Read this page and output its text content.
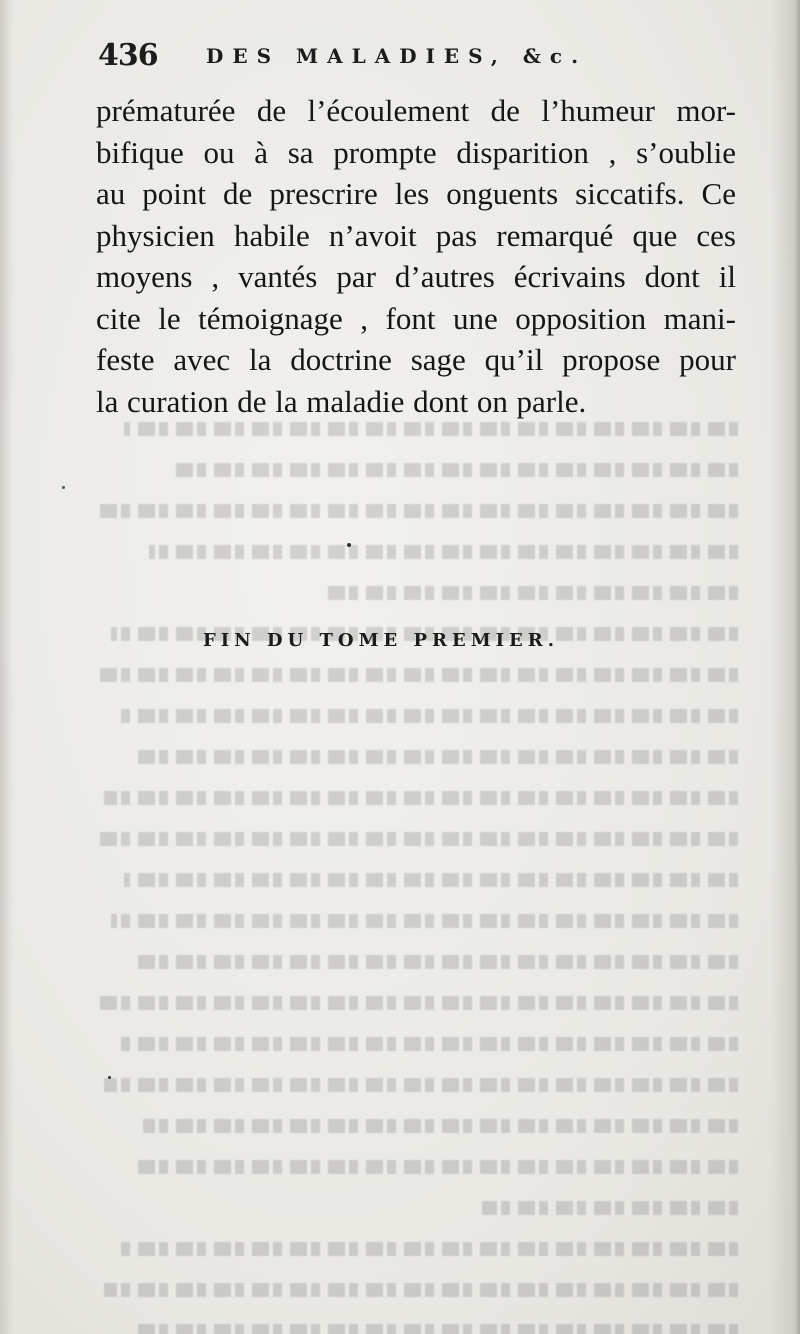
436 DES MALADIES, &c.
prématurée de l’écoulement de l’humeur mor-
bifique ou à sa prompte disparition , s’oublie
au point de prescrire les onguents siccatifs. Ce
physicien habile n’avoit pas remarqué que ces
moyens , vantés par d’autres écrivains dont il
cite le témoignage , font une opposition mani-
feste avec la doctrine sage qu’il propose pour
la curation de la maladie dont on parle.
FIN DU TOME PREMIER.
